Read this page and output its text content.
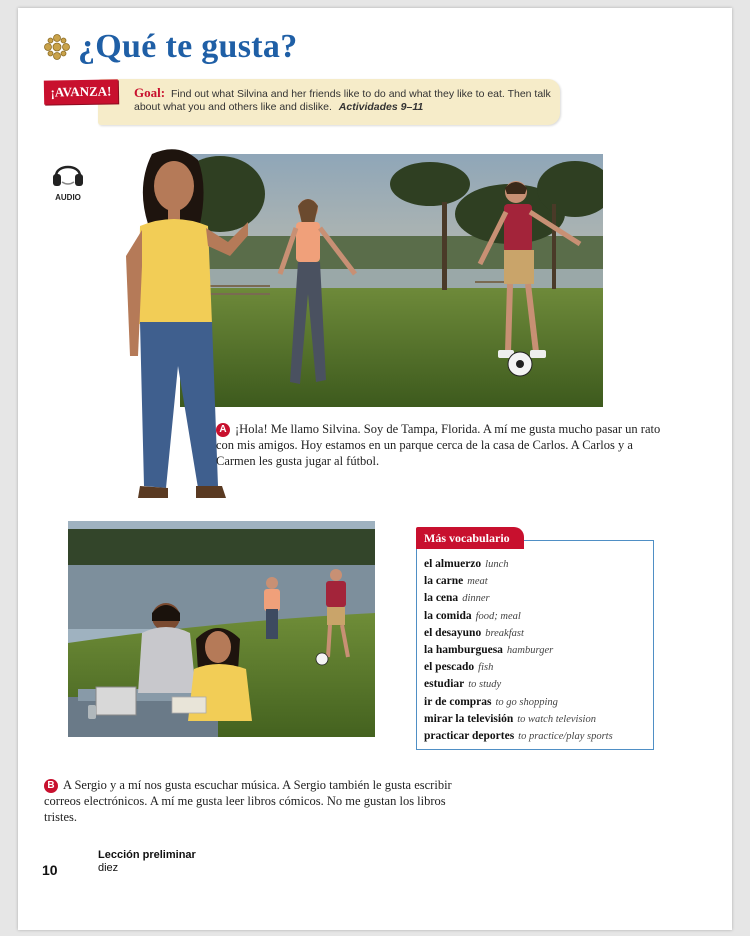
¿Qué te gusta?
¡AVANZA!	Goal: Find out what Silvina and her friends like to do and what they like to eat. Then talk about what you and others like and dislike. Actividades 9–11
AUDIO
A ¡Hola! Me llamo Silvina. Soy de Tampa, Florida. A mí me gusta mucho pasar un rato con mis amigos. Hoy estamos en un parque cerca de la casa de Carlos. A Carlos y a Carmen les gusta jugar al fútbol.
Más vocabulario
el almuerzo lunch
la carne meat
la cena dinner
la comida food; meal
el desayuno breakfast
la hamburguesa hamburger
el pescado fish
estudiar to study
ir de compras to go shopping
mirar la televisión to watch television
practicar deportes to practice/play sports
B A Sergio y a mí nos gusta escuchar música. A Sergio también le gusta escribir correos electrónicos. A mí me gusta leer libros cómicos. No me gustan los libros tristes.
10
Lección preliminar
diez
